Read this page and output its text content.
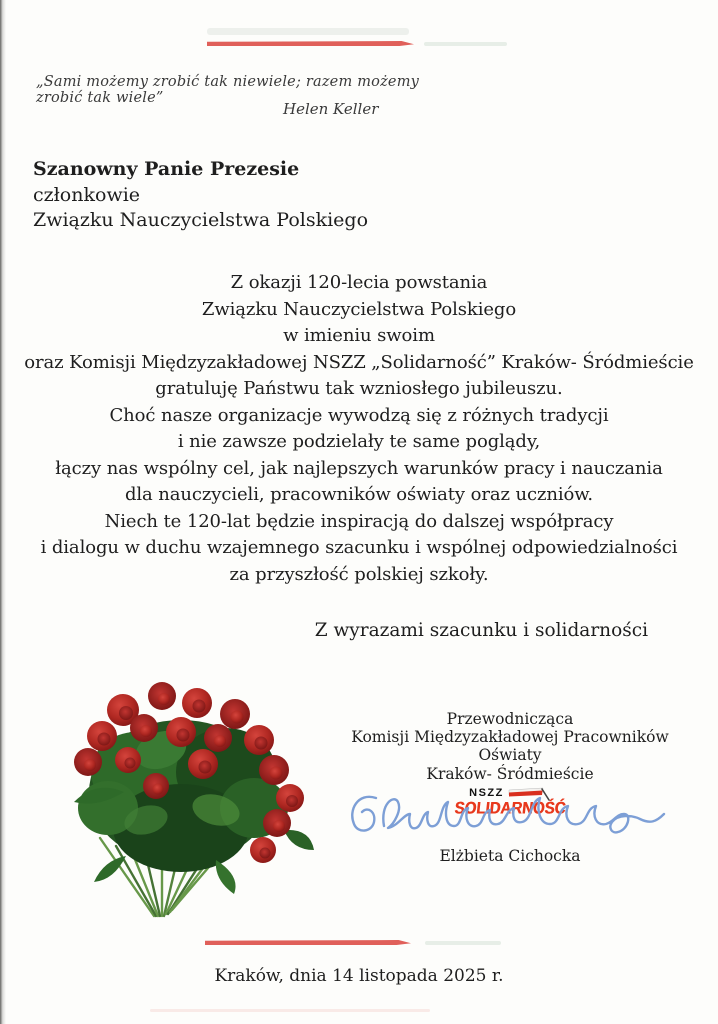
„Sami możemy zrobić tak niewiele; razem możemy zrobić tak wiele”
Helen Keller
Szanowny Panie Prezesie
członkowie
Związku Nauczycielstwa Polskiego
Z okazji 120-lecia powstania
Związku Nauczycielstwa Polskiego
w imieniu swoim
oraz Komisji Międzyzakładowej NSZZ „Solidarność” Kraków- Śródmieście
gratuluję Państwu tak wzniosłego jubileuszu.
Choć nasze organizacje wywodzą się z różnych tradycji
i nie zawsze podzielały te same poglądy,
łączy nas wspólny cel, jak najlepszych warunków pracy i nauczania
dla nauczycieli, pracowników oświaty oraz uczniów.
Niech te 120-lat będzie inspiracją do dalszej współpracy
i dialogu w duchu wzajemnego szacunku i wspólnej odpowiedzialności
za przyszłość polskiej szkoły.
Z wyrazami szacunku i solidarności
Przewodnicząca
Komisji Międzyzakładowej Pracowników Oświaty
Kraków- Śródmieście
NSZZ
SOLIDARNOŚĆ
Elżbieta Cichocka
Kraków, dnia 14 listopada 2025 r.
